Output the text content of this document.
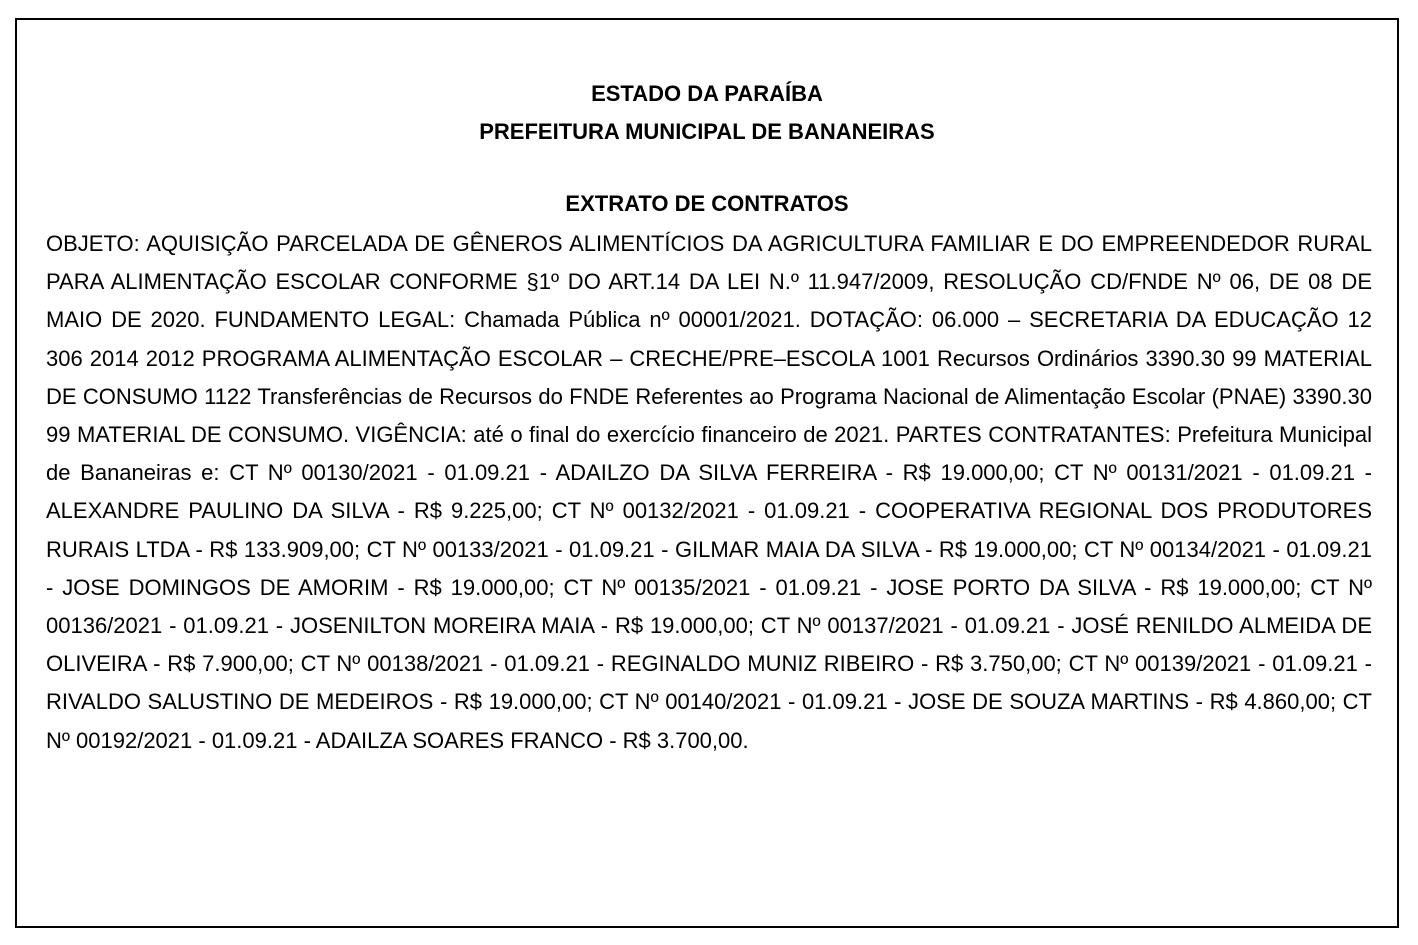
ESTADO DA PARAÍBA
PREFEITURA MUNICIPAL DE BANANEIRAS
EXTRATO DE CONTRATOS

OBJETO: AQUISIÇÃO PARCELADA DE GÊNEROS ALIMENTÍCIOS DA AGRICULTURA FAMILIAR E DO EMPREENDEDOR RURAL PARA ALIMENTAÇÃO ESCOLAR CONFORME §1º DO ART.14 DA LEI N.º 11.947/2009, RESOLUÇÃO CD/FNDE Nº 06, DE 08 DE MAIO DE 2020. FUNDAMENTO LEGAL: Chamada Pública nº 00001/2021. DOTAÇÃO: 06.000 – SECRETARIA DA EDUCAÇÃO 12 306 2014 2012 PROGRAMA ALIMENTAÇÃO ESCOLAR – CRECHE/PRE–ESCOLA 1001 Recursos Ordinários 3390.30 99 MATERIAL DE CONSUMO 1122 Transferências de Recursos do FNDE Referentes ao Programa Nacional de Alimentação Escolar (PNAE) 3390.30 99 MATERIAL DE CONSUMO. VIGÊNCIA: até o final do exercício financeiro de 2021. PARTES CONTRATANTES: Prefeitura Municipal de Bananeiras e: CT Nº 00130/2021 - 01.09.21 - ADAILZO DA SILVA FERREIRA - R$ 19.000,00; CT Nº 00131/2021 - 01.09.21 - ALEXANDRE PAULINO DA SILVA - R$ 9.225,00; CT Nº 00132/2021 - 01.09.21 - COOPERATIVA REGIONAL DOS PRODUTORES RURAIS LTDA - R$ 133.909,00; CT Nº 00133/2021 - 01.09.21 - GILMAR MAIA DA SILVA - R$ 19.000,00; CT Nº 00134/2021 - 01.09.21 - JOSE DOMINGOS DE AMORIM - R$ 19.000,00; CT Nº 00135/2021 - 01.09.21 - JOSE PORTO DA SILVA - R$ 19.000,00; CT Nº 00136/2021 - 01.09.21 - JOSENILTON MOREIRA MAIA - R$ 19.000,00; CT Nº 00137/2021 - 01.09.21 - JOSÉ RENILDO ALMEIDA DE OLIVEIRA - R$ 7.900,00; CT Nº 00138/2021 - 01.09.21 - REGINALDO MUNIZ RIBEIRO - R$ 3.750,00; CT Nº 00139/2021 - 01.09.21 - RIVALDO SALUSTINO DE MEDEIROS - R$ 19.000,00; CT Nº 00140/2021 - 01.09.21 - JOSE DE SOUZA MARTINS - R$ 4.860,00; CT Nº 00192/2021 - 01.09.21 - ADAILZA SOARES FRANCO - R$ 3.700,00.
